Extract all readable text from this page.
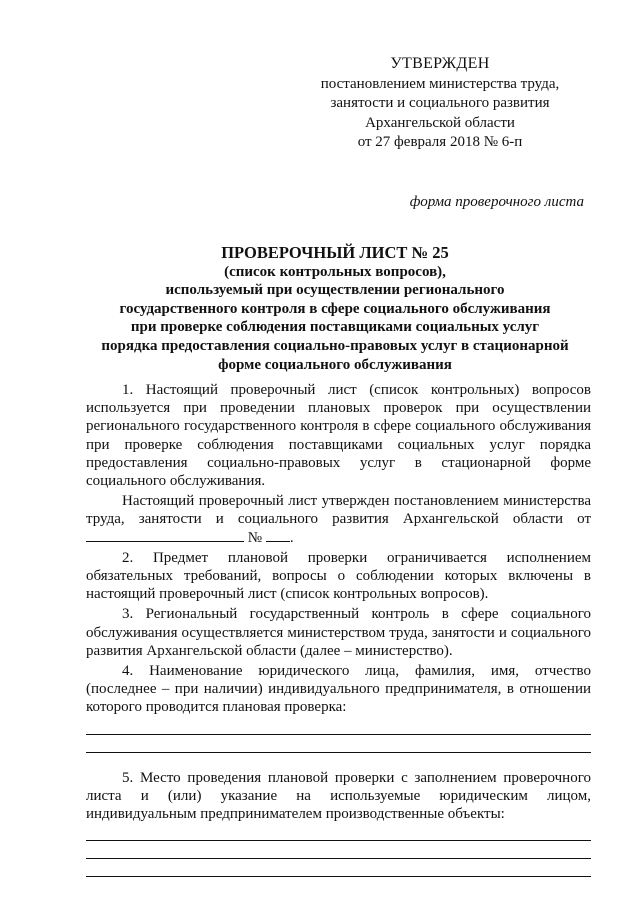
УТВЕРЖДЕН
постановлением министерства труда,
занятости и социального развития
Архангельской области
от 27 февраля 2018 № 6-п
форма проверочного листа
ПРОВЕРОЧНЫЙ ЛИСТ № 25
(список контрольных вопросов),
используемый при осуществлении регионального
государственного контроля в сфере социального обслуживания
при проверке соблюдения поставщиками социальных услуг
порядка предоставления социально-правовых услуг в стационарной
форме социального обслуживания

1. Настоящий проверочный лист (список контрольных) вопросов используется при проведении плановых проверок при осуществлении регионального государственного контроля в сфере социального обслуживания при проверке соблюдения поставщиками социальных услуг порядка предоставления социально-правовых услуг в стационарной форме социального обслуживания.

Настоящий проверочный лист утвержден постановлением министерства труда, занятости и социального развития Архангельской области от  № .

2. Предмет плановой проверки ограничивается исполнением обязательных требований, вопросы о соблюдении которых включены в настоящий проверочный лист (список контрольных вопросов).

3. Региональный государственный контроль в сфере социального обслуживания осуществляется министерством труда, занятости и социального развития Архангельской области (далее – министерство).

4. Наименование юридического лица, фамилия, имя, отчество (последнее – при наличии) индивидуального предпринимателя, в отношении которого проводится плановая проверка:

5. Место проведения плановой проверки с заполнением проверочного листа и (или) указание на используемые юридическим лицом, индивидуальным предпринимателем производственные объекты:
